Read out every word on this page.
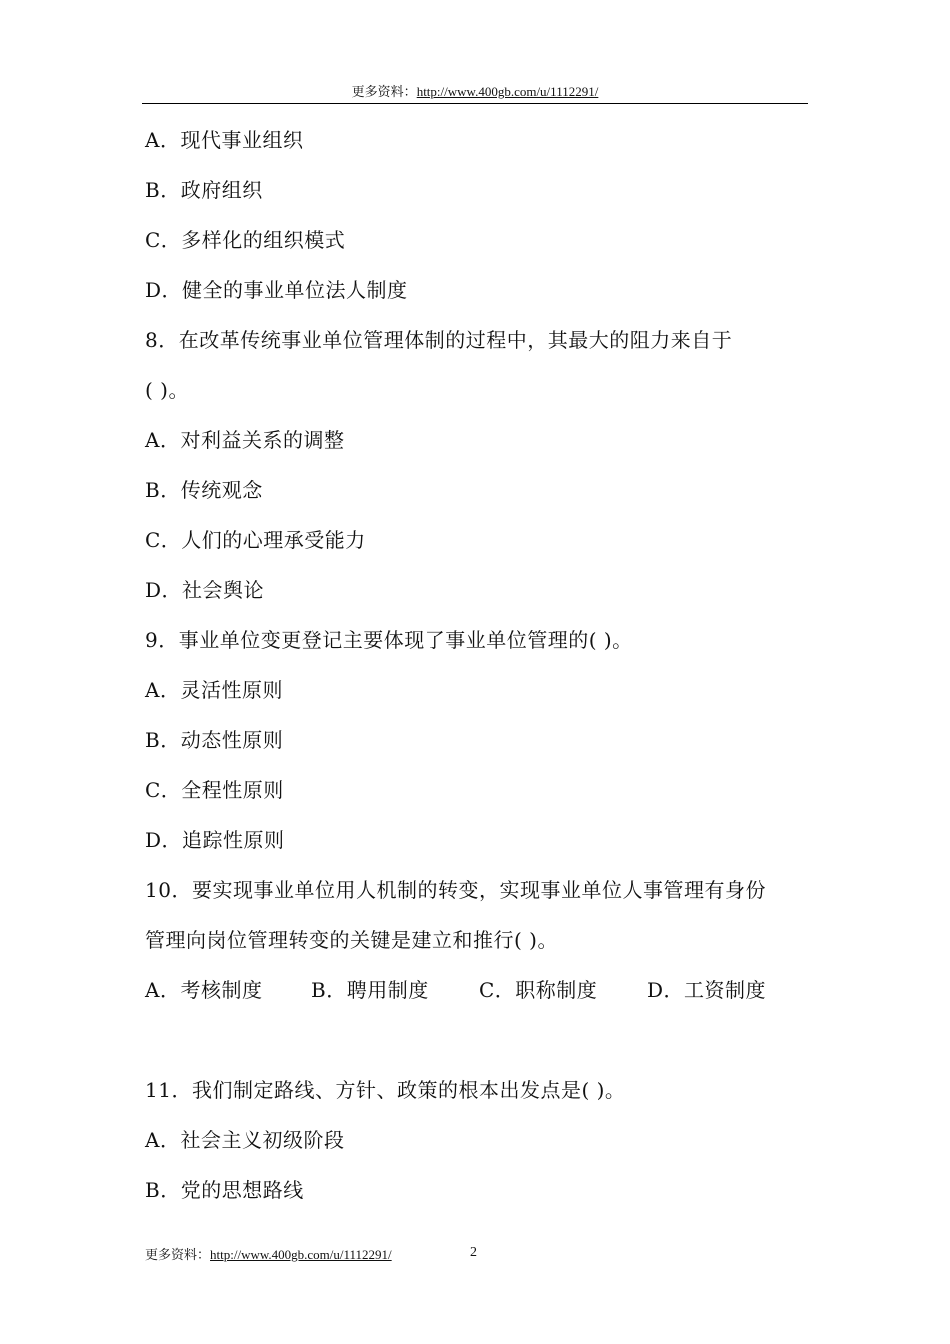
更多资料：http://www.400gb.com/u/1112291/
A．现代事业组织
B．政府组织
C．多样化的组织模式
D．健全的事业单位法人制度
8．在改革传统事业单位管理体制的过程中，其最大的阻力来自于
( )。
A．对利益关系的调整
B．传统观念
C．人们的心理承受能力
D．社会舆论
9．事业单位变更登记主要体现了事业单位管理的( )。
A．灵活性原则
B．动态性原则
C．全程性原则
D．追踪性原则
10．要实现事业单位用人机制的转变，实现事业单位人事管理有身份
管理向岗位管理转变的关键是建立和推行( )。
A．考核制度	B．聘用制度	C．职称制度	D．工资制度
11．我们制定路线、方针、政策的根本出发点是( )。
A．社会主义初级阶段
B．党的思想路线
更多资料：http://www.400gb.com/u/1112291/	2
